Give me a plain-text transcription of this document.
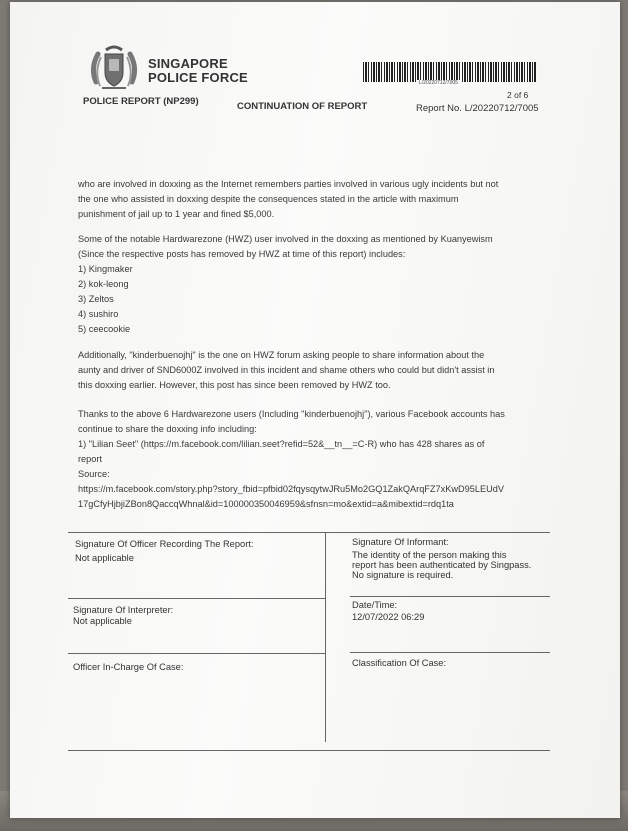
SINGAPORE
POLICE FORCE	L/20220712/7005
2 of 6
POLICE REPORT (NP299)	CONTINUATION OF REPORT	Report No. L/20220712/7005
who are involved in doxxing as the Internet remembers parties involved in various ugly incidents but not
the one who assisted in doxxing despite the consequences stated in the article with maximum
punishment of jail up to 1 year and fined $5,000.
Some of the notable Hardwarezone (HWZ) user involved in the doxxing as mentioned by Kuanyewism
(Since the respective posts has removed by HWZ at time of this report) includes:
1) Kingmaker
2) kok-leong
3) Zeltos
4) sushiro
5) ceecookie
Additionally, "kinderbuenojhj" is the one on HWZ forum asking people to share information about the
aunty and driver of SND6000Z involved in this incident and shame others who could but didn't assist in
this doxxing earlier. However, this post has since been removed by HWZ too.
Thanks to the above 6 Hardwarezone users (Including "kinderbuenojhj"), various Facebook accounts has
continue to share the doxxing info including:
1) "Lilian Seet" (https://m.facebook.com/lilian.seet?refid=52&__tn__=C-R) who has 428 shares as of
report
Source:
https://m.facebook.com/story.php?story_fbid=pfbid02fqysqytwJRu5Mo2GQ1ZakQArqFZ7xKwD95LEUdV
17gCfyHjbjiZBon8QaccqWhnal&id=100000350046959&sfnsn=mo&extid=a&mibextid=rdq1ta
Signature Of Officer Recording The Report:
Not applicable
Signature Of Informant:
The identity of the person making this
report has been authenticated by Singpass.
No signature is required.
Signature Of Interpreter:
Not applicable
Date/Time:
12/07/2022 06:29
Officer In-Charge Of Case:	Classification Of Case:
